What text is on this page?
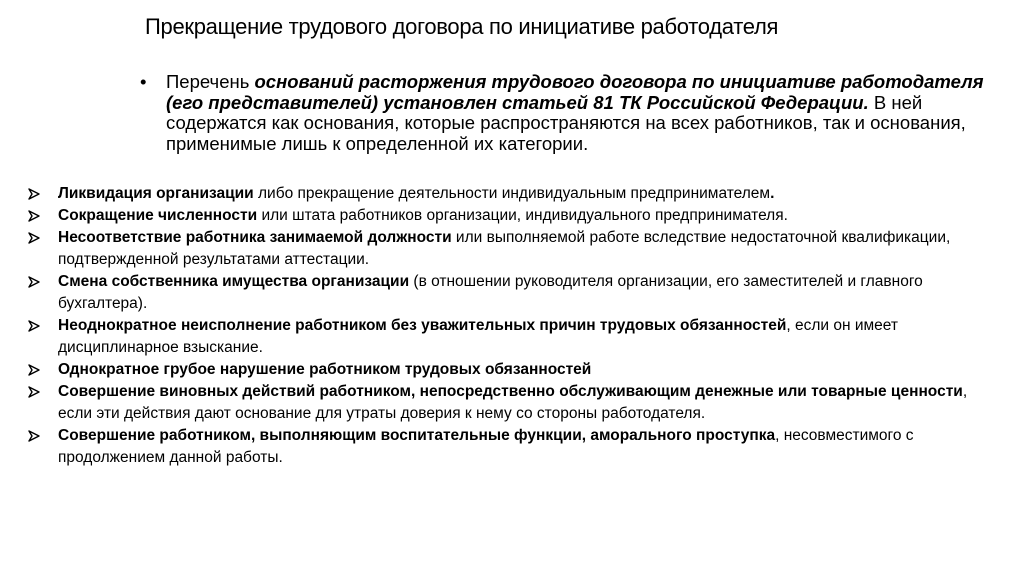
Прекращение трудового договора по инициативе работодателя
• Перечень оснований расторжения трудового договора по инициативе работодателя (его представителей) установлен статьей 81 ТК Российской Федерации. В ней содержатся как основания, которые распространяются на всех работников, так и основания, применимые лишь к определенной их категории.
Ликвидация организации либо прекращение деятельности индивидуальным предпринимателем.
Сокращение численности или штата работников организации, индивидуального предпринимателя.
Несоответствие работника занимаемой должности или выполняемой работе вследствие недостаточной квалификации, подтвержденной результатами аттестации.
Смена собственника имущества организации (в отношении руководителя организации, его заместителей и главного бухгалтера).
Неоднократное неисполнение работником без уважительных причин трудовых обязанностей, если он имеет дисциплинарное взыскание.
Однократное грубое нарушение работником трудовых обязанностей
Совершение виновных действий работником, непосредственно обслуживающим денежные или товарные ценности, если эти действия дают основание для утраты доверия к нему со стороны работодателя.
Совершение работником, выполняющим воспитательные функции, аморального проступка, несовместимого с продолжением данной работы.
